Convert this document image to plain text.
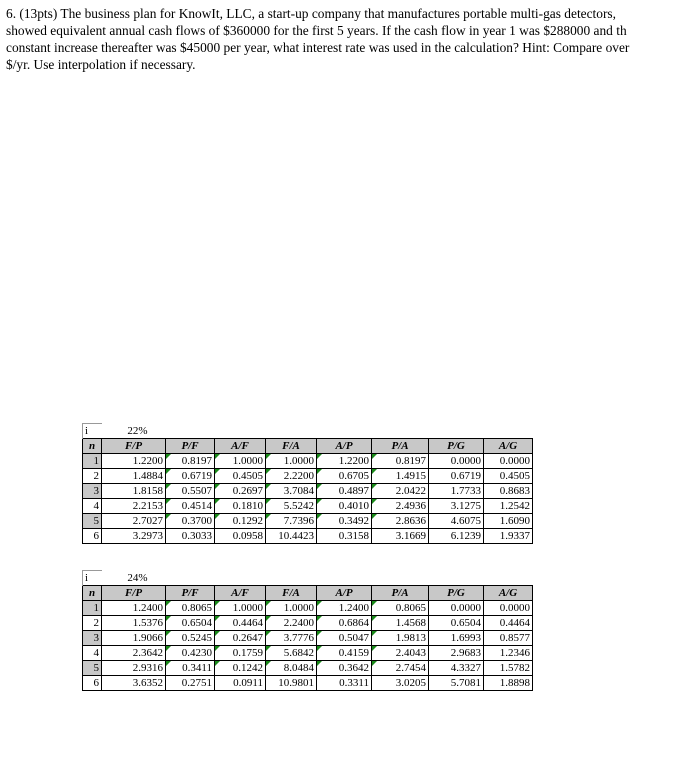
6. (13pts) The business plan for KnowIt, LLC, a start-up company that manufactures portable multi-gas detectors,
showed equivalent annual cash flows of $360000 for the first 5 years. If the cash flow in year 1 was $288000 and th
constant increase thereafter was $45000 per year, what interest rate was used in the calculation? Hint: Compare over
$/yr. Use interpolation if necessary.
i	22%							
n	F/P	P/F	A/F	F/A	A/P	P/A	P/G	A/G
1	1.2200	0.8197	1.0000	1.0000	1.2200	0.8197	0.0000	0.0000
2	1.4884	0.6719	0.4505	2.2200	0.6705	1.4915	0.6719	0.4505
3	1.8158	0.5507	0.2697	3.7084	0.4897	2.0422	1.7733	0.8683
4	2.2153	0.4514	0.1810	5.5242	0.4010	2.4936	3.1275	1.2542
5	2.7027	0.3700	0.1292	7.7396	0.3492	2.8636	4.6075	1.6090
6	3.2973	0.3033	0.0958	10.4423	0.3158	3.1669	6.1239	1.9337
i	24%							
n	F/P	P/F	A/F	F/A	A/P	P/A	P/G	A/G
1	1.2400	0.8065	1.0000	1.0000	1.2400	0.8065	0.0000	0.0000
2	1.5376	0.6504	0.4464	2.2400	0.6864	1.4568	0.6504	0.4464
3	1.9066	0.5245	0.2647	3.7776	0.5047	1.9813	1.6993	0.8577
4	2.3642	0.4230	0.1759	5.6842	0.4159	2.4043	2.9683	1.2346
5	2.9316	0.3411	0.1242	8.0484	0.3642	2.7454	4.3327	1.5782
6	3.6352	0.2751	0.0911	10.9801	0.3311	3.0205	5.7081	1.8898
